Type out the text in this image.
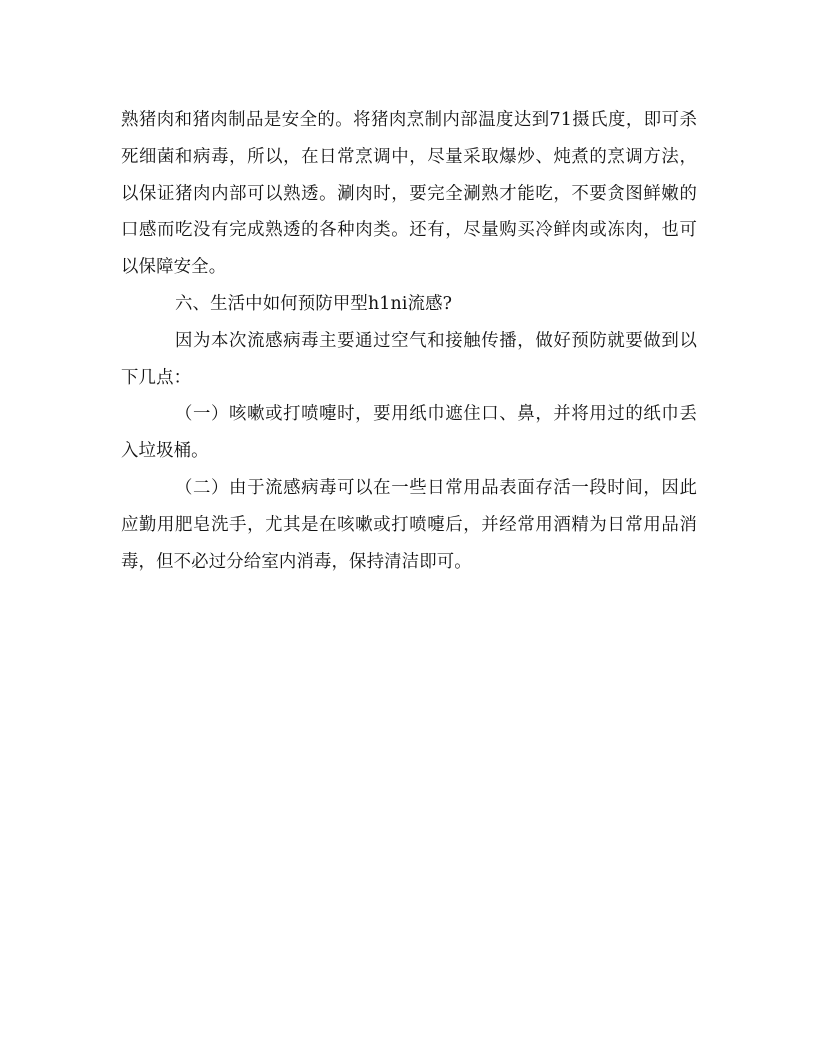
熟猪肉和猪肉制品是安全的。将猪肉烹制内部温度达到71摄氏度，即可杀死细菌和病毒，所以，在日常烹调中，尽量采取爆炒、炖煮的烹调方法，以保证猪肉内部可以熟透。涮肉时，要完全涮熟才能吃，不要贪图鲜嫩的口感而吃没有完成熟透的各种肉类。还有，尽量购买冷鲜肉或冻肉，也可以保障安全。

六、生活中如何预防甲型h1ni流感?

因为本次流感病毒主要通过空气和接触传播，做好预防就要做到以下几点：

（一）咳嗽或打喷嚏时，要用纸巾遮住口、鼻，并将用过的纸巾丢入垃圾桶。

（二）由于流感病毒可以在一些日常用品表面存活一段时间，因此应勤用肥皂洗手，尤其是在咳嗽或打喷嚏后，并经常用酒精为日常用品消毒，但不必过分给室内消毒，保持清洁即可。
